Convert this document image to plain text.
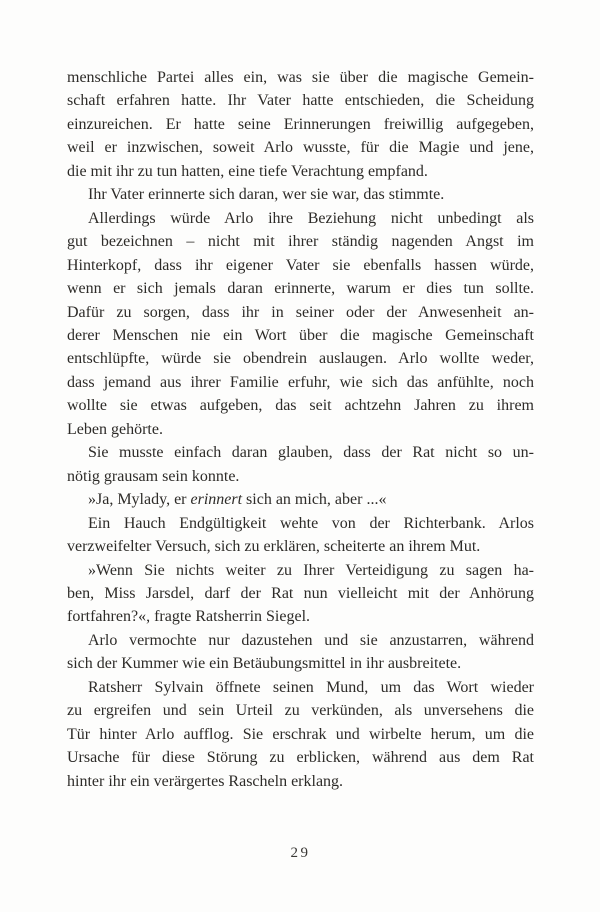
menschliche Partei alles ein, was sie über die magische Gemein-
schaft erfahren hatte. Ihr Vater hatte entschieden, die Scheidung
einzureichen. Er hatte seine Erinnerungen freiwillig aufgegeben,
weil er inzwischen, soweit Arlo wusste, für die Magie und jene,
die mit ihr zu tun hatten, eine tiefe Verachtung empfand.
Ihr Vater erinnerte sich daran, wer sie war, das stimmte.
Allerdings würde Arlo ihre Beziehung nicht unbedingt als
gut bezeichnen – nicht mit ihrer ständig nagenden Angst im
Hinterkopf, dass ihr eigener Vater sie ebenfalls hassen würde,
wenn er sich jemals daran erinnerte, warum er dies tun sollte.
Dafür zu sorgen, dass ihr in seiner oder der Anwesenheit an-
derer Menschen nie ein Wort über die magische Gemeinschaft
entschlüpfte, würde sie obendrein auslaugen. Arlo wollte weder,
dass jemand aus ihrer Familie erfuhr, wie sich das anfühlte, noch
wollte sie etwas aufgeben, das seit achtzehn Jahren zu ihrem
Leben gehörte.
Sie musste einfach daran glauben, dass der Rat nicht so un-
nötig grausam sein konnte.
»Ja, Mylady, er erinnert sich an mich, aber ...«
Ein Hauch Endgültigkeit wehte von der Richterbank. Arlos
verzweifelter Versuch, sich zu erklären, scheiterte an ihrem Mut.
»Wenn Sie nichts weiter zu Ihrer Verteidigung zu sagen ha-
ben, Miss Jarsdel, darf der Rat nun vielleicht mit der Anhörung
fortfahren?«, fragte Ratsherrin Siegel.
Arlo vermochte nur dazustehen und sie anzustarren, während
sich der Kummer wie ein Betäubungsmittel in ihr ausbreitete.
Ratsherr Sylvain öffnete seinen Mund, um das Wort wieder
zu ergreifen und sein Urteil zu verkünden, als unversehens die
Tür hinter Arlo aufflog. Sie erschrak und wirbelte herum, um die
Ursache für diese Störung zu erblicken, während aus dem Rat
hinter ihr ein verärgertes Rascheln erklang.
29
